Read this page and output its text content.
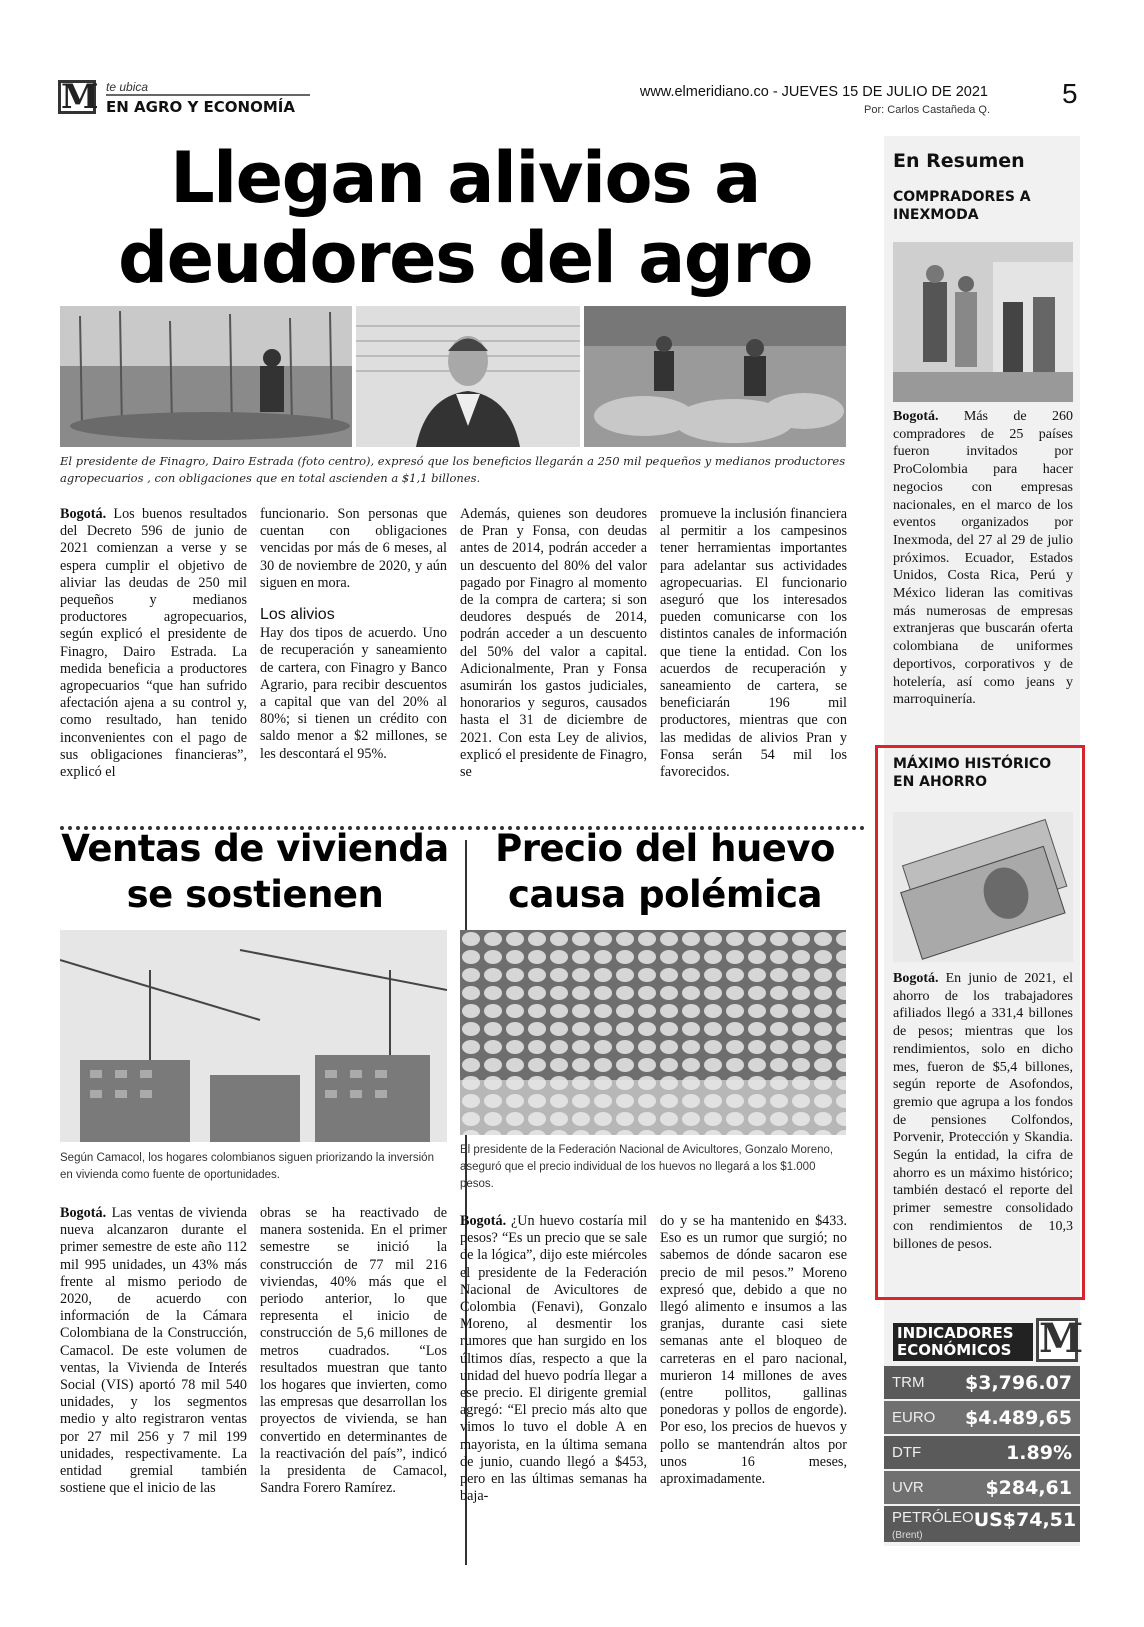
M te ubica
EN AGRO Y ECONOMÍA
www.elmeridiano.co - JUEVES 15 DE JULIO DE 2021
Por: Carlos Castañeda Q.
5
Llegan alivios a
deudores del agro
El presidente de Finagro, Dairo Estrada (foto centro), expresó que los beneficios llegarán a 250 mil pequeños y medianos productores agropecuarios , con obligaciones que en total ascienden a $1,1 billones.
Bogotá. Los buenos resultados del Decreto 596 de junio de 2021 comienzan a verse y se espera cumplir el objetivo de aliviar las deudas de 250 mil pequeños y medianos productores agropecuarios, según explicó el presidente de Finagro, Dairo Estrada. La medida beneficia a productores agropecuarios “que han sufrido afectación ajena a su control y, como resultado, han tenido inconvenientes con el pago de sus obligaciones financieras”, explicó el
funcionario. Son personas que cuentan con obligaciones vencidas por más de 6 meses, al 30 de noviembre de 2020, y aún siguen en mora.
Los alivios
Hay dos tipos de acuerdo. Uno de recuperación y saneamiento de cartera, con Finagro y Banco Agrario, para recibir descuentos a capital que van del 20% al 80%; si tienen un crédito con saldo menor a $2 millones, se les descontará el 95%.
Además, quienes son deudores de Pran y Fonsa, con deudas antes de 2014, podrán acceder a un descuento del 80% del valor pagado por Finagro al momento de la compra de cartera; si son deudores después de 2014, podrán acceder a un descuento del 50% del valor a capital. Adicionalmente, Pran y Fonsa asumirán los gastos judiciales, honorarios y seguros, causados hasta el 31 de diciembre de 2021. Con esta Ley de alivios, explicó el presidente de Finagro, se
promueve la inclusión financiera al permitir a los campesinos tener herramientas importantes para adelantar sus actividades agropecuarias. El funcionario aseguró que los interesados pueden comunicarse con los distintos canales de información que tiene la entidad. Con los acuerdos de recuperación y saneamiento de cartera, se beneficiarán 196 mil productores, mientras que con las medidas de alivios Pran y Fonsa serán 54 mil los favorecidos.
Ventas de vivienda
se sostienen
Según Camacol, los hogares colombianos siguen priorizando la inversión en vivienda como fuente de oportunidades.
Bogotá. Las ventas de vivienda nueva alcanzaron durante el primer semestre de este año 112 mil 995 unidades, un 43% más frente al mismo periodo de 2020, de acuerdo con información de la Cámara Colombiana de la Construcción, Camacol. De este volumen de ventas, la Vivienda de Interés Social (VIS) aportó 78 mil 540 unidades, y los segmentos medio y alto registraron ventas por 27 mil 256 y 7 mil 199 unidades, respectivamente. La entidad gremial también sostiene que el inicio de las
obras se ha reactivado de manera sostenida. En el primer semestre se inició la construcción de 77 mil 216 viviendas, 40% más que el periodo anterior, lo que representa el inicio de construcción de 5,6 millones de metros cuadrados. “Los resultados muestran que tanto los hogares que invierten, como las empresas que desarrollan los proyectos de vivienda, se han convertido en determinantes de la reactivación del país”, indicó la presidenta de Camacol, Sandra Forero Ramírez.
Precio del huevo
causa polémica
El presidente de la Federación Nacional de Avicultores, Gonzalo Moreno, aseguró que el precio individual de los huevos no llegará a los $1.000 pesos.
Bogotá. ¿Un huevo costaría mil pesos? “Es un precio que se sale de la lógica”, dijo este miércoles el presidente de la Federación Nacional de Avicultores de Colombia (Fenavi), Gonzalo Moreno, al desmentir los rumores que han surgido en los últimos días, respecto a que la unidad del huevo podría llegar a ese precio. El dirigente gremial agregó: “El precio más alto que vimos lo tuvo el doble A en mayorista, en la última semana de junio, cuando llegó a $453, pero en las últimas semanas ha baja-
do y se ha mantenido en $433. Eso es un rumor que surgió; no sabemos de dónde sacaron ese precio de mil pesos.” Moreno expresó que, debido a que no llegó alimento e insumos a las granjas, durante casi siete semanas ante el bloqueo de carreteras en el paro nacional, murieron 14 millones de aves (entre pollitos, gallinas ponedoras y pollos de engorde). Por eso, los precios de huevos y pollo se mantendrán altos por unos 16 meses, aproximadamente.
En Resumen
COMPRADORES A INEXMODA
Bogotá. Más de 260 compradores de 25 países fueron invitados por ProColombia para hacer negocios con empresas nacionales, en el marco de los eventos organizados por Inexmoda, del 27 al 29 de julio próximos. Ecuador, Estados Unidos, Costa Rica, Perú y México lideran las comitivas más numerosas de empresas extranjeras que buscarán oferta colombiana de uniformes deportivos, corporativos y de hotelería, así como jeans y marroquinería.
MÁXIMO HISTÓRICO EN AHORRO
Bogotá. En junio de 2021, el ahorro de los trabajadores afiliados llegó a 331,4 billones de pesos; mientras que los rendimientos, solo en dicho mes, fueron de $5,4 billones, según reporte de Asofondos, gremio que agrupa a los fondos de pensiones Colfondos, Porvenir, Protección y Skandia. Según la entidad, la cifra de ahorro es un máximo histórico; también destacó el reporte del primer semestre consolidado con rendimientos de 10,3 billones de pesos.
INDICADORES ECONÓMICOS M
TRM $3,796.07
EURO $4.489,65
DTF	1.89%
UVR	$284,61
PETRÓLEO US$74,51
(Brent)
